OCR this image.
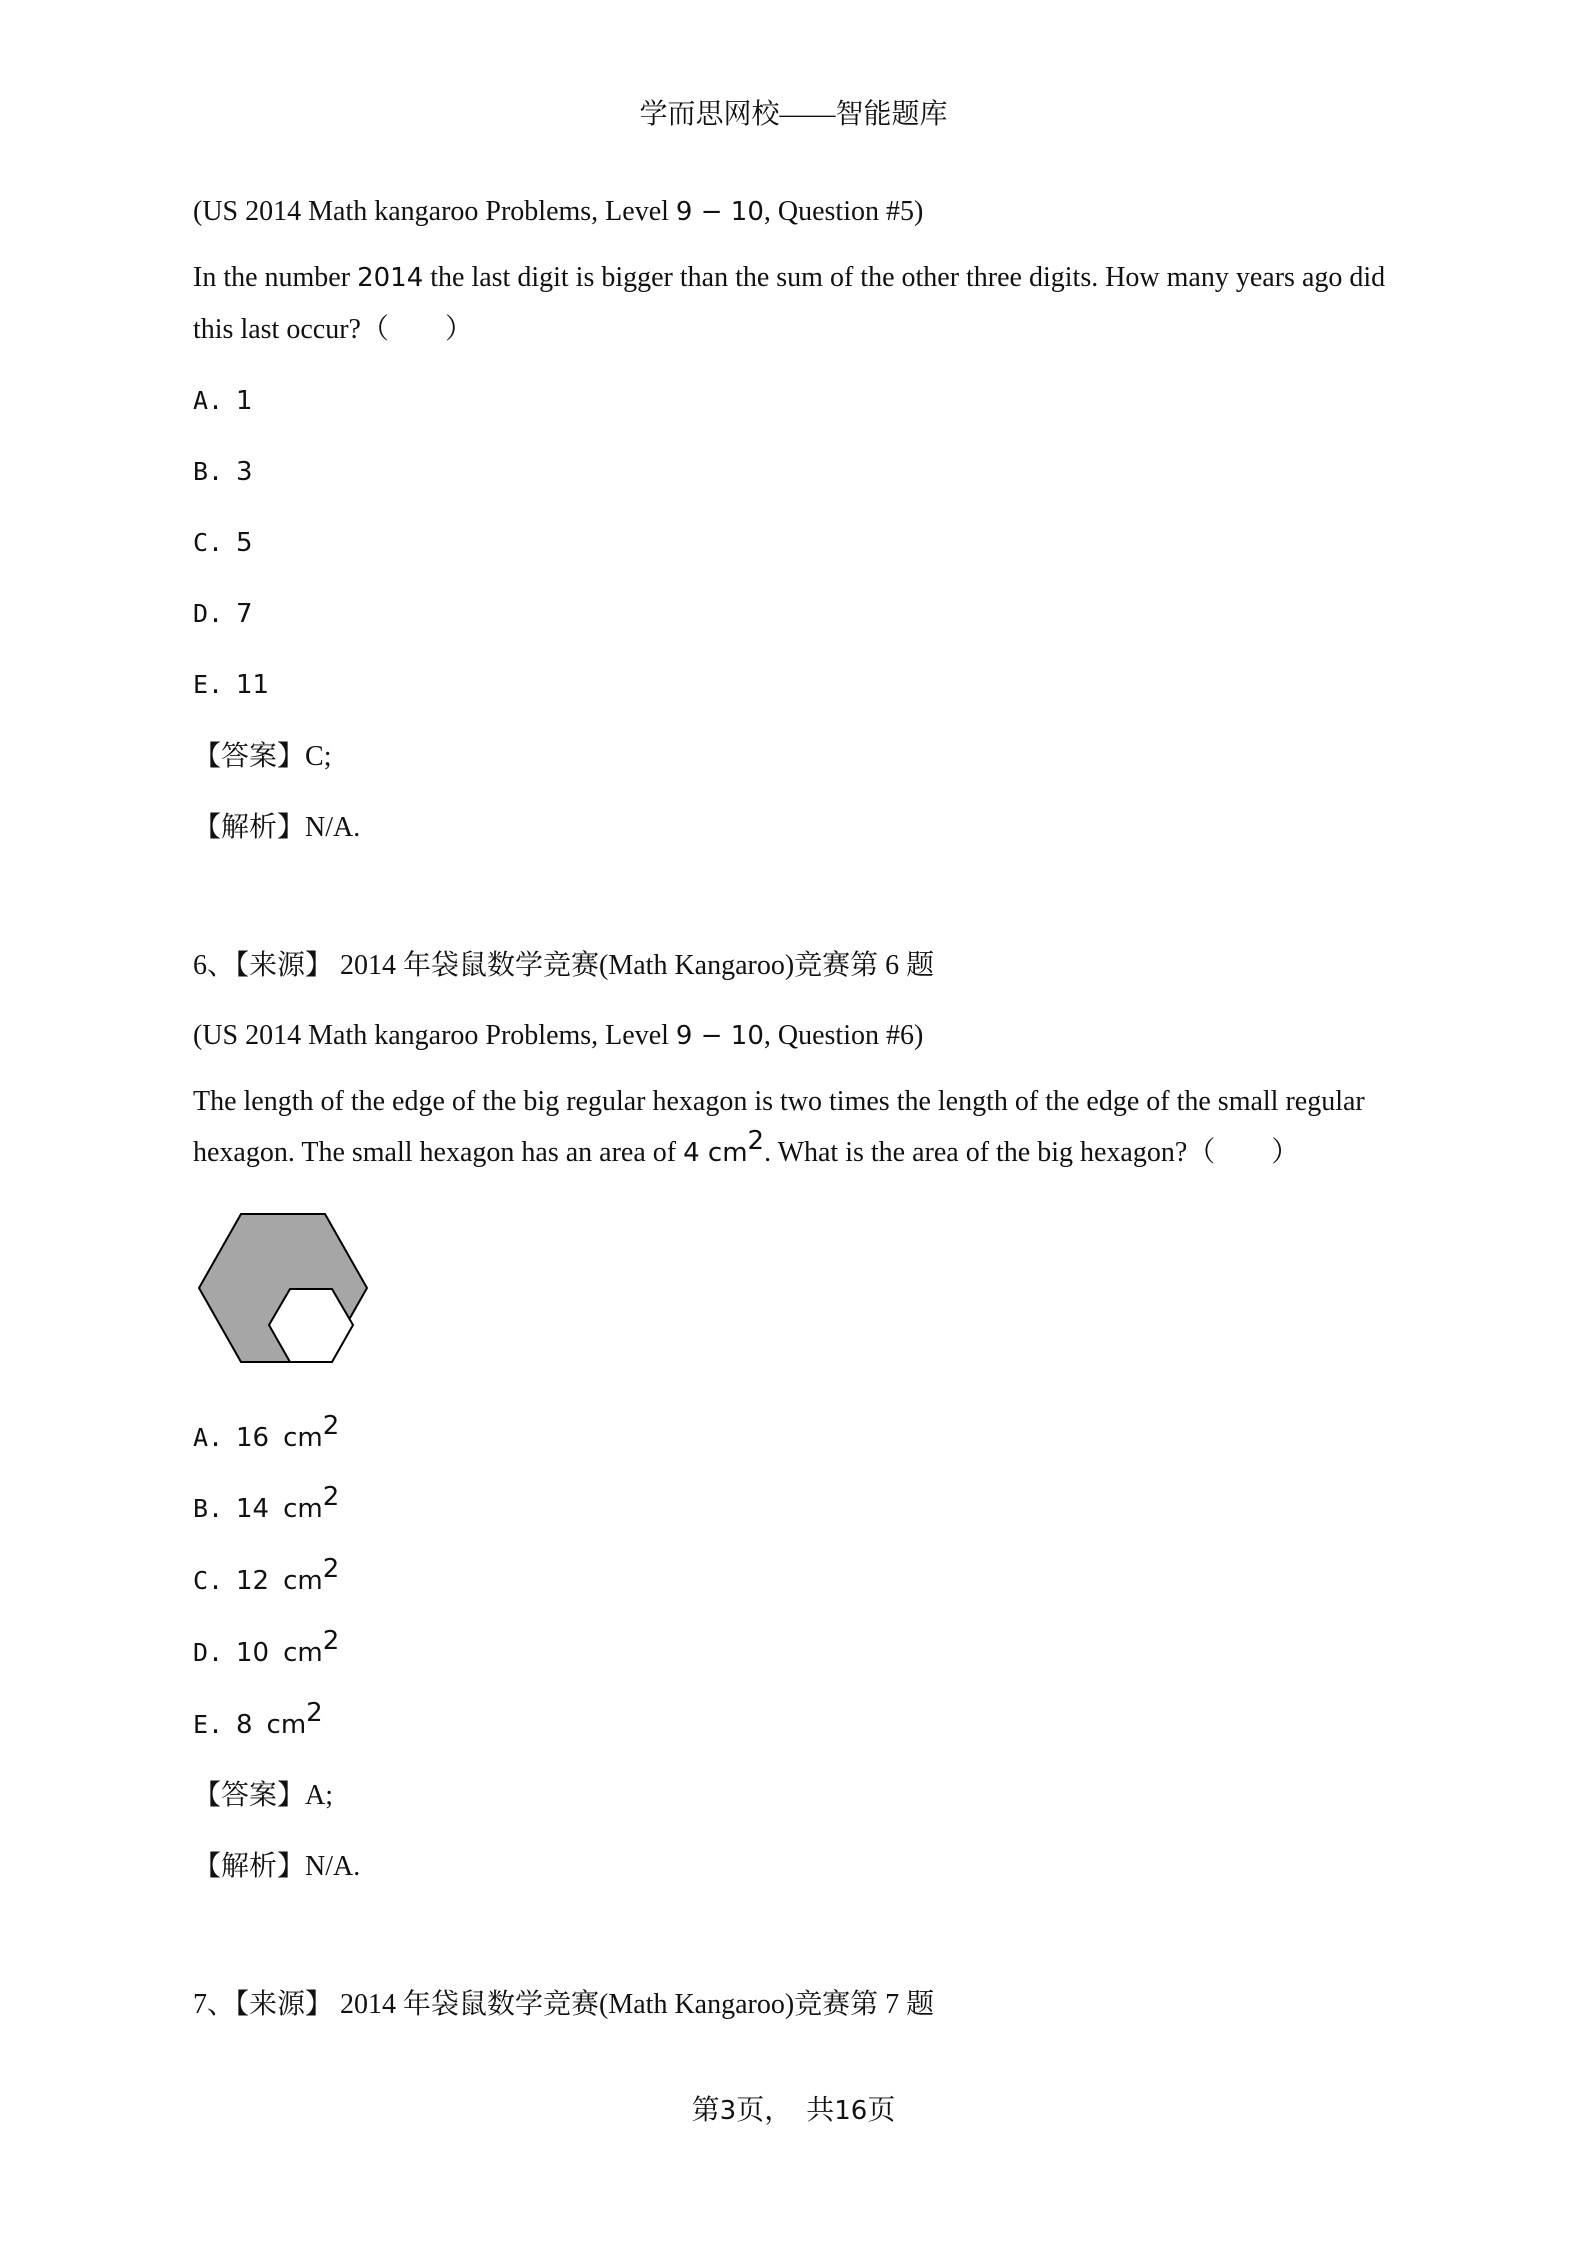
学而思网校——智能题库

(US 2014 Math kangaroo Problems, Level 9 − 10, Question #5)

In the number 2014 the last digit is bigger than the sum of the other three digits. How many years ago did

this last occur?（　　）

A. 1

B. 3

C. 5

D. 7

E. 11

【答案】C;

【解析】N/A.

6、【来源】 2014 年袋鼠数学竞赛(Math Kangaroo)竞赛第 6 题

(US 2014 Math kangaroo Problems, Level 9 − 10, Question #6)

The length of the edge of the big regular hexagon is two times the length of the edge of the small regular

hexagon. The small hexagon has an area of 4 $cm^2$. What is the area of the big hexagon?（　　）

A. 16 $cm^2$

B. 14 $cm^2$

C. 12 $cm^2$

D. 10 $cm^2$

E. 8 $cm^2$

【答案】A;

【解析】N/A.

7、【来源】 2014 年袋鼠数学竞赛(Math Kangaroo)竞赛第 7 题

第3页，　共16页
